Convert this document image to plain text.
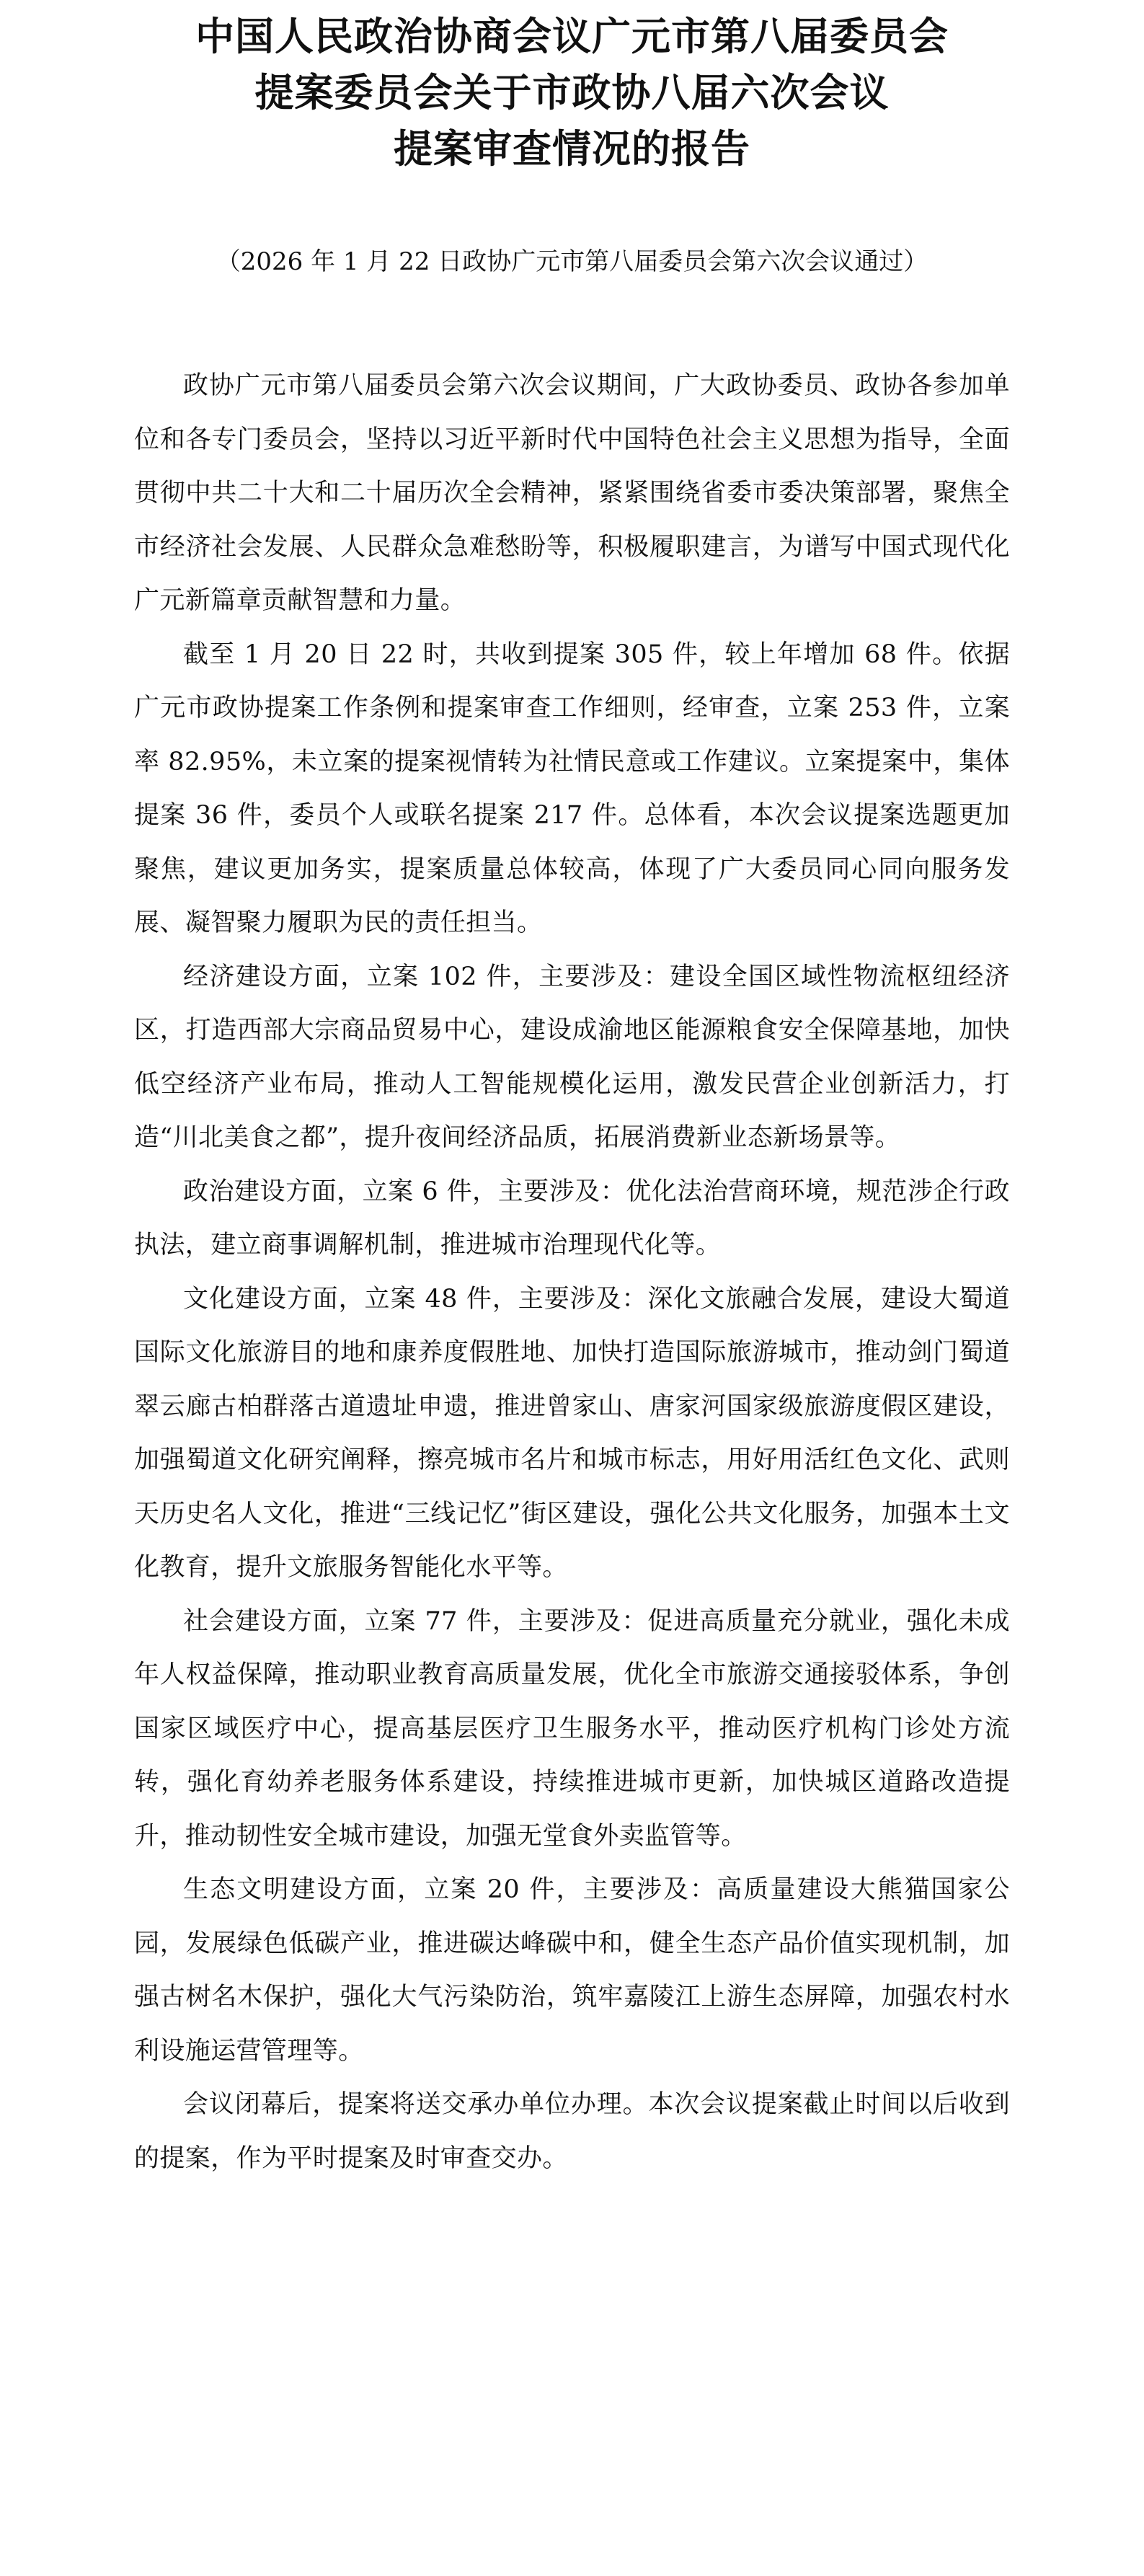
中国人民政治协商会议广元市第八届委员会
提案委员会关于市政协八届六次会议
提案审查情况的报告
（2026 年 1 月 22 日政协广元市第八届委员会第六次会议通过）

政协广元市第八届委员会第六次会议期间，广大政协委员、政协各参加单位和各专门委员会，坚持以习近平新时代中国特色社会主义思想为指导，全面贯彻中共二十大和二十届历次全会精神，紧紧围绕省委市委决策部署，聚焦全市经济社会发展、人民群众急难愁盼等，积极履职建言，为谱写中国式现代化广元新篇章贡献智慧和力量。

截至 1 月 20 日 22 时，共收到提案 305 件，较上年增加 68 件。依据广元市政协提案工作条例和提案审查工作细则，经审查，立案 253 件，立案率 82.95%，未立案的提案视情转为社情民意或工作建议。立案提案中，集体提案 36 件，委员个人或联名提案 217 件。总体看，本次会议提案选题更加聚焦，建议更加务实，提案质量总体较高，体现了广大委员同心同向服务发展、凝智聚力履职为民的责任担当。

经济建设方面，立案 102 件，主要涉及：建设全国区域性物流枢纽经济区，打造西部大宗商品贸易中心，建设成渝地区能源粮食安全保障基地，加快低空经济产业布局，推动人工智能规模化运用，激发民营企业创新活力，打造“川北美食之都”，提升夜间经济品质，拓展消费新业态新场景等。

政治建设方面，立案 6 件，主要涉及：优化法治营商环境，规范涉企行政执法，建立商事调解机制，推进城市治理现代化等。

文化建设方面，立案 48 件，主要涉及：深化文旅融合发展，建设大蜀道国际文化旅游目的地和康养度假胜地、加快打造国际旅游城市，推动剑门蜀道翠云廊古柏群落古道遗址申遗，推进曾家山、唐家河国家级旅游度假区建设，加强蜀道文化研究阐释，擦亮城市名片和城市标志，用好用活红色文化、武则天历史名人文化，推进“三线记忆”街区建设，强化公共文化服务，加强本土文化教育，提升文旅服务智能化水平等。

社会建设方面，立案 77 件，主要涉及：促进高质量充分就业，强化未成年人权益保障，推动职业教育高质量发展，优化全市旅游交通接驳体系，争创国家区域医疗中心，提高基层医疗卫生服务水平，推动医疗机构门诊处方流转，强化育幼养老服务体系建设，持续推进城市更新，加快城区道路改造提升，推动韧性安全城市建设，加强无堂食外卖监管等。

生态文明建设方面，立案 20 件，主要涉及：高质量建设大熊猫国家公园，发展绿色低碳产业，推进碳达峰碳中和，健全生态产品价值实现机制，加强古树名木保护，强化大气污染防治，筑牢嘉陵江上游生态屏障，加强农村水利设施运营管理等。

会议闭幕后，提案将送交承办单位办理。本次会议提案截止时间以后收到的提案，作为平时提案及时审查交办。
